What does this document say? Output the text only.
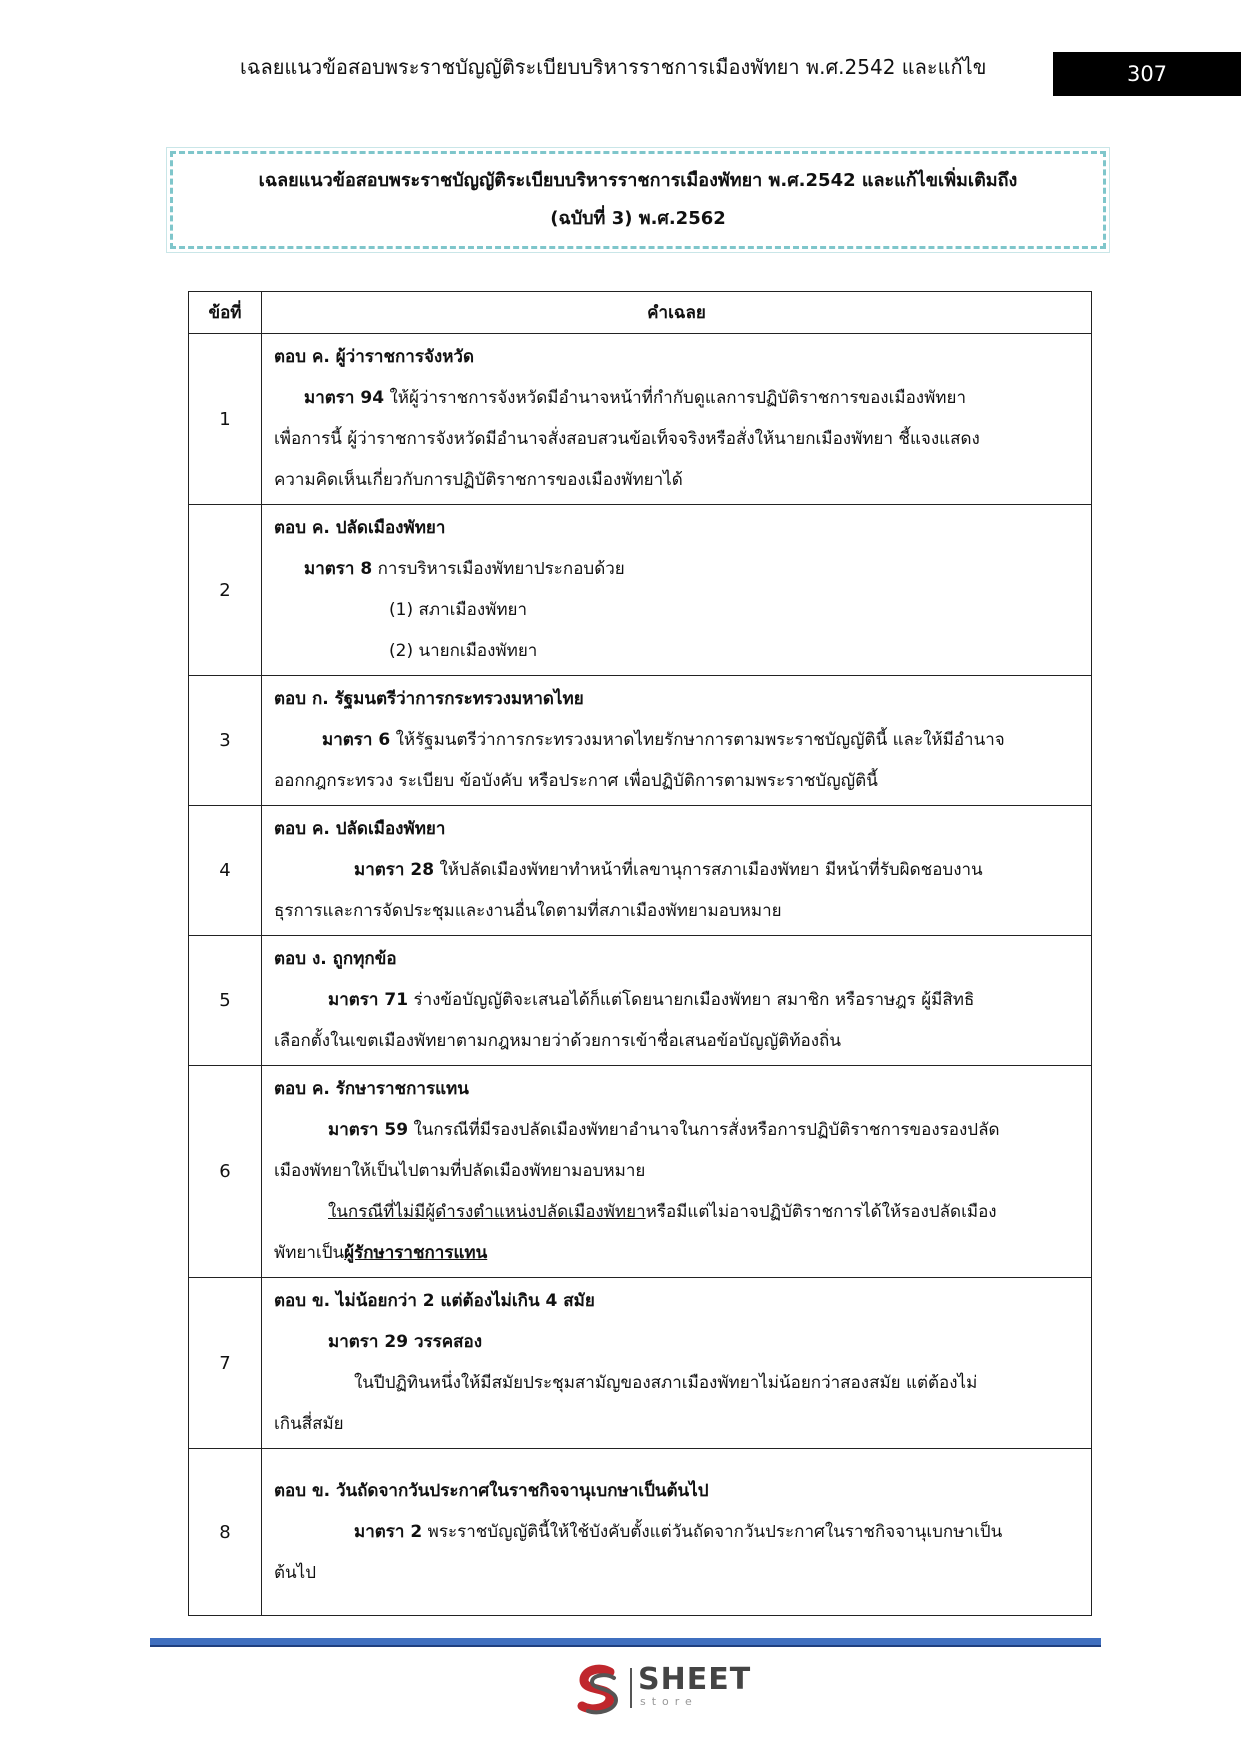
เฉลยแนวข้อสอบพระราชบัญญัติระเบียบบริหารราชการเมืองพัทยา พ.ศ.2542 และแก้ไข	307
เฉลยแนวข้อสอบพระราชบัญญัติระเบียบบริหารราชการเมืองพัทยา พ.ศ.2542 และแก้ไขเพิ่มเติมถึง
(ฉบับที่ 3) พ.ศ.2562
ข้อที่	คำเฉลย
1	ตอบ ค. ผู้ว่าราชการจังหวัด
มาตรา 94 ให้ผู้ว่าราชการจังหวัดมีอำนาจหน้าที่กำกับดูแลการปฏิบัติราชการของเมืองพัทยา
เพื่อการนี้ ผู้ว่าราชการจังหวัดมีอำนาจสั่งสอบสวนข้อเท็จจริงหรือสั่งให้นายกเมืองพัทยา ชี้แจงแสดง
ความคิดเห็นเกี่ยวกับการปฏิบัติราชการของเมืองพัทยาได้

2	ตอบ ค. ปลัดเมืองพัทยา
มาตรา 8 การบริหารเมืองพัทยาประกอบด้วย
(1) สภาเมืองพัทยา
(2) นายกเมืองพัทยา

3	ตอบ ก. รัฐมนตรีว่าการกระทรวงมหาดไทย
มาตรา 6 ให้รัฐมนตรีว่าการกระทรวงมหาดไทยรักษาการตามพระราชบัญญัตินี้ และให้มีอำนาจ
ออกกฎกระทรวง ระเบียบ ข้อบังคับ หรือประกาศ เพื่อปฏิบัติการตามพระราชบัญญัตินี้

4	ตอบ ค. ปลัดเมืองพัทยา
มาตรา 28 ให้ปลัดเมืองพัทยาทำหน้าที่เลขานุการสภาเมืองพัทยา มีหน้าที่รับผิดชอบงาน
ธุรการและการจัดประชุมและงานอื่นใดตามที่สภาเมืองพัทยามอบหมาย

5	ตอบ ง. ถูกทุกข้อ
มาตรา 71 ร่างข้อบัญญัติจะเสนอได้ก็แต่โดยนายกเมืองพัทยา สมาชิก หรือราษฎร ผู้มีสิทธิ
เลือกตั้งในเขตเมืองพัทยาตามกฎหมายว่าด้วยการเข้าชื่อเสนอข้อบัญญัติท้องถิ่น

6	ตอบ ค. รักษาราชการแทน
มาตรา 59 ในกรณีที่มีรองปลัดเมืองพัทยาอำนาจในการสั่งหรือการปฏิบัติราชการของรองปลัด
เมืองพัทยาให้เป็นไปตามที่ปลัดเมืองพัทยามอบหมาย
ในกรณีที่ไม่มีผู้ดำรงตำแหน่งปลัดเมืองพัทยาหรือมีแต่ไม่อาจปฏิบัติราชการได้ให้รองปลัดเมือง
พัทยาเป็นผู้รักษาราชการแทน

7	ตอบ ข. ไม่น้อยกว่า 2 แต่ต้องไม่เกิน 4 สมัย
มาตรา 29 วรรคสอง
ในปีปฏิทินหนึ่งให้มีสมัยประชุมสามัญของสภาเมืองพัทยาไม่น้อยกว่าสองสมัย แต่ต้องไม่
เกินสี่สมัย

8	ตอบ ข. วันถัดจากวันประกาศในราชกิจจานุเบกษาเป็นต้นไป
มาตรา 2 พระราชบัญญัตินี้ให้ใช้บังคับตั้งแต่วันถัดจากวันประกาศในราชกิจจานุเบกษาเป็น
ต้นไป
SHEET
store
